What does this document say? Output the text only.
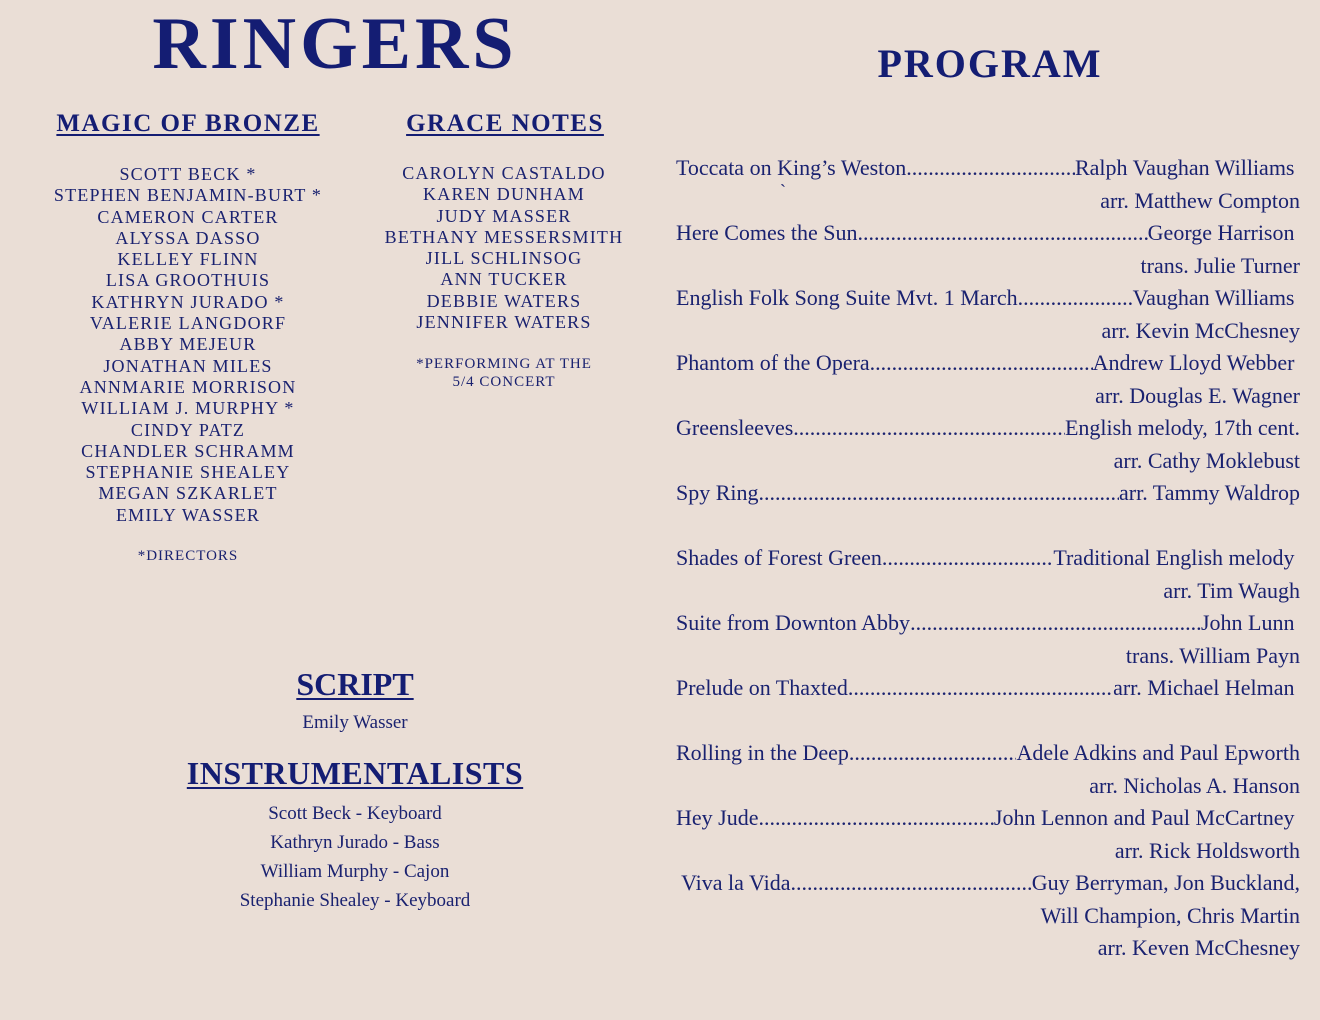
RINGERS	PROGRAM
MAGIC OF BRONZE
SCOTT BECK *
STEPHEN BENJAMIN-BURT *
CAMERON CARTER
ALYSSA DASSO
KELLEY FLINN
LISA GROOTHUIS
KATHRYN JURADO *
VALERIE LANGDORF
ABBY MEJEUR
JONATHAN MILES
ANNMARIE MORRISON
WILLIAM J. MURPHY *
CINDY PATZ
CHANDLER SCHRAMM
STEPHANIE SHEALEY
MEGAN SZKARLET
EMILY WASSER
*DIRECTORS
GRACE NOTES
CAROLYN CASTALDO
KAREN DUNHAM
JUDY MASSER
BETHANY MESSERSMITH
JILL SCHLINSOG
ANN TUCKER
DEBBIE WATERS
JENNIFER WATERS
*PERFORMING AT THE
5/4 CONCERT
SCRIPT
Emily Wasser
INSTRUMENTALISTS
Scott Beck - Keyboard
Kathryn Jurado - Bass
William Murphy - Cajon
Stephanie Shealey - Keyboard
`
Toccata on King’s Weston .....	Ralph Vaughan Williams
arr. Matthew Compton
Here Comes the Sun .....	George Harrison
trans. Julie Turner
English Folk Song Suite Mvt. 1 March .....	Vaughan Williams
arr. Kevin McChesney
Phantom of the Opera .....	Andrew Lloyd Webber
arr. Douglas E. Wagner
Greensleeves .....	English melody, 17th cent.
arr. Cathy Moklebust
Spy Ring .....	arr. Tammy Waldrop
Shades of Forest Green .....	Traditional English melody
arr. Tim Waugh
Suite from Downton Abby .....	John Lunn
trans. William Payn
Prelude on Thaxted .....	arr. Michael Helman
Rolling in the Deep .....	Adele Adkins and Paul Epworth
arr. Nicholas A. Hanson
Hey Jude .....	John Lennon and Paul McCartney
arr. Rick Holdsworth
Viva la Vida .....	Guy Berryman, Jon Buckland,
Will Champion, Chris Martin
arr. Keven McChesney
